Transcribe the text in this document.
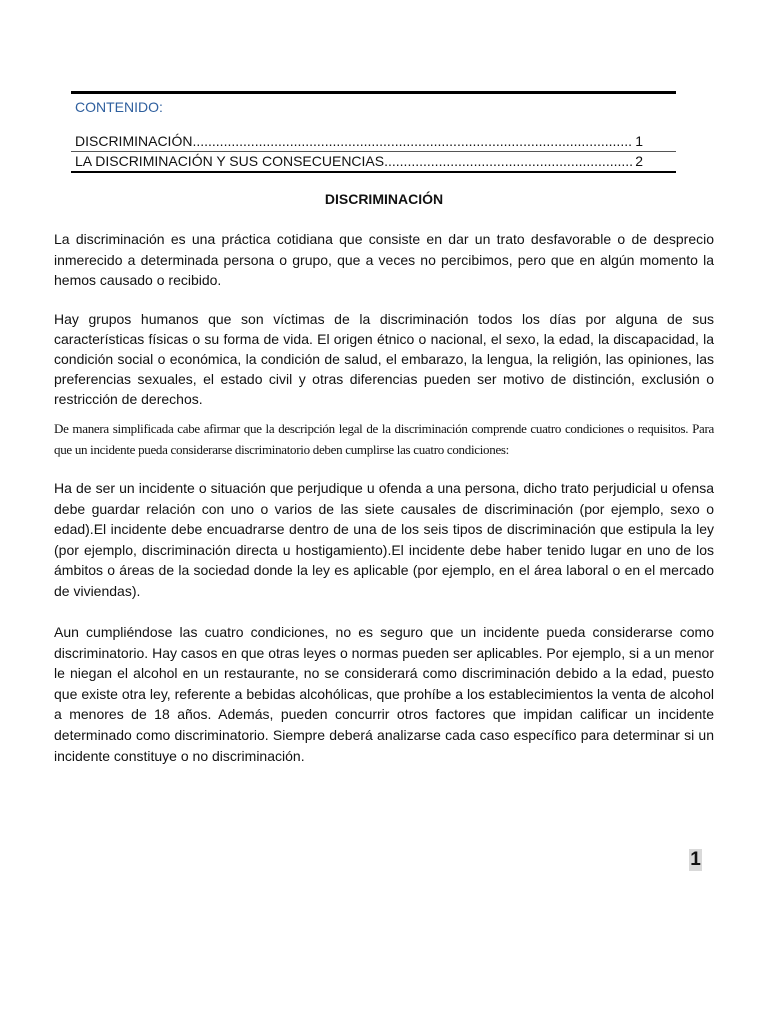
CONTENIDO:
DISCRIMINACIÓN .....	1
LA DISCRIMINACIÓN Y SUS CONSECUENCIAS .....	2
DISCRIMINACIÓN

La discriminación es una práctica cotidiana que consiste en dar un trato desfavorable o de desprecio inmerecido a determinada persona o grupo, que a veces no percibimos, pero que en algún momento la hemos causado o recibido.

Hay grupos humanos que son víctimas de la discriminación todos los días por alguna de sus características físicas o su forma de vida. El origen étnico o nacional, el sexo, la edad, la discapacidad, la condición social o económica, la condición de salud, el embarazo, la lengua, la religión, las opiniones, las preferencias sexuales, el estado civil y otras diferencias pueden ser motivo de distinción, exclusión o restricción de derechos.

De manera simplificada cabe afirmar que la descripción legal de la discriminación comprende cuatro condiciones o requisitos. Para que un incidente pueda considerarse discriminatorio deben cumplirse las cuatro condiciones:

Ha de ser un incidente o situación que perjudique u ofenda a una persona, dicho trato perjudicial u ofensa debe guardar relación con uno o varios de las siete causales de discriminación (por ejemplo, sexo o edad).El incidente debe encuadrarse dentro de una de los seis tipos de discriminación que estipula la ley (por ejemplo, discriminación directa u hostigamiento).El incidente debe haber tenido lugar en uno de los ámbitos o áreas de la sociedad donde la ley es aplicable (por ejemplo, en el área laboral o en el mercado de viviendas).

Aun cumpliéndose las cuatro condiciones, no es seguro que un incidente pueda considerarse como discriminatorio. Hay casos en que otras leyes o normas pueden ser aplicables. Por ejemplo, si a un menor le niegan el alcohol en un restaurante, no se considerará como discriminación debido a la edad, puesto que existe otra ley, referente a bebidas alcohólicas, que prohíbe a los establecimientos la venta de alcohol a menores de 18 años. Además, pueden concurrir otros factores que impidan calificar un incidente determinado como discriminatorio. Siempre deberá analizarse cada caso específico para determinar si un incidente constituye o no discriminación.

1
